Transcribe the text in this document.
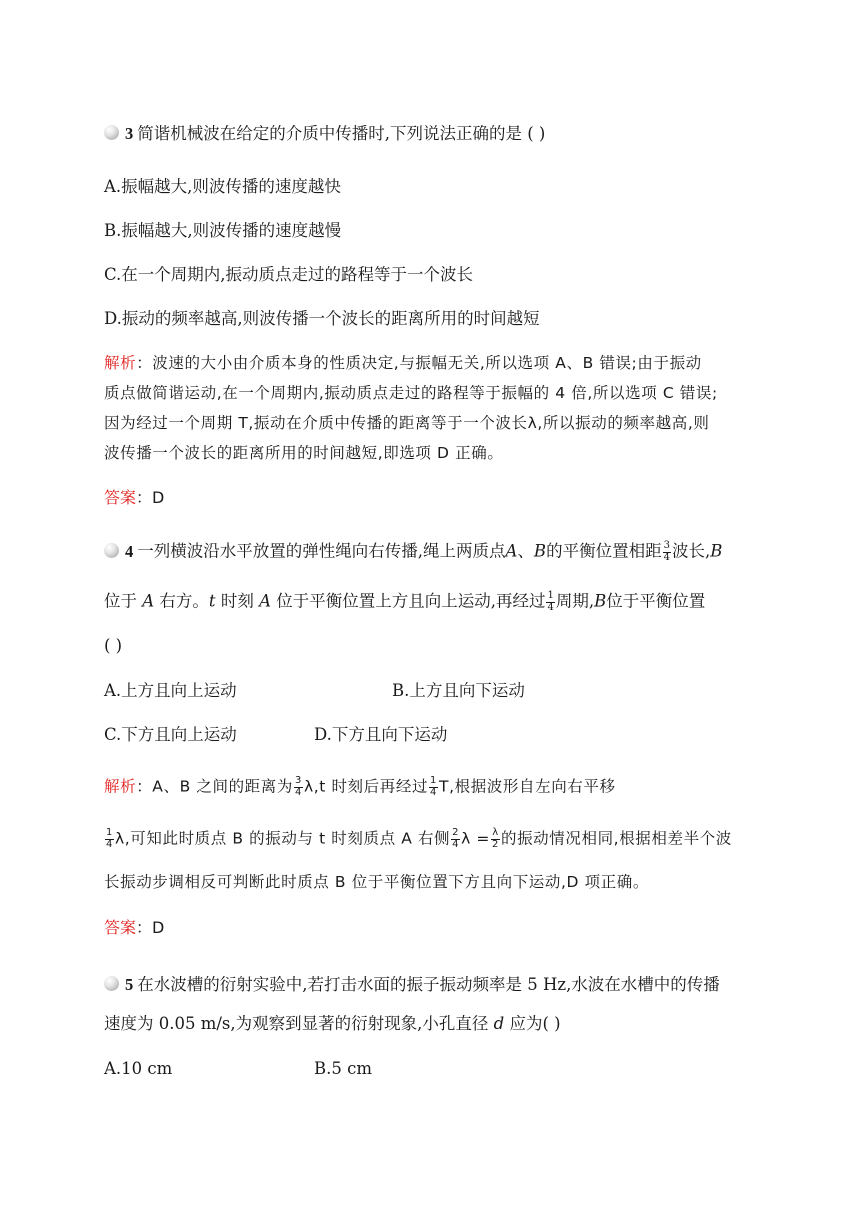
3 简谐机械波在给定的介质中传播时,下列说法正确的是 ( )
A.振幅越大,则波传播的速度越快
B.振幅越大,则波传播的速度越慢
C.在一个周期内,振动质点走过的路程等于一个波长
D.振动的频率越高,则波传播一个波长的距离所用的时间越短
解析：波速的大小由介质本身的性质决定,与振幅无关,所以选项 A、B 错误;由于振动
质点做简谐运动,在一个周期内,振动质点走过的路程等于振幅的 4 倍,所以选项 C 错误;
因为经过一个周期 T,振动在介质中传播的距离等于一个波长λ,所以振动的频率越高,则
波传播一个波长的距离所用的时间越短,即选项 D 正确。
答案：D
4 一列横波沿水平放置的弹性绳向右传播,绳上两质点A、B的平衡位置相距 $\frac{3}{4}$ 波长,B
位于 A 右方。t 时刻 A 位于平衡位置上方且向上运动,再经过 $\frac{1}{4}$ 周期,B位于平衡位置
( )
A.上方且向上运动	B.上方且向下运动
C.下方且向上运动	D.下方且向下运动
解析：A、B 之间的距离为 $\frac{3}{4} \lambda,t$ 时刻后再经过 $\frac{1}{4} T$,根据波形自左向右平移
$\frac{1}{4} \lambda$,可知此时质点 B 的振动与 t 时刻质点 A 右侧 $\frac{2}{4}$ $\lambda = \frac{\lambda}{2}$ 的振动情况相同,根据相差半个波
长振动步调相反可判断此时质点 B 位于平衡位置下方且向下运动,D 项正确。
答案：D
5 在水波槽的衍射实验中,若打击水面的振子振动频率是 5 Hz,水波在水槽中的传播
速度为 0.05 m/s,为观察到显著的衍射现象,小孔直径 d 应为( )
A.10 cm	B.5 cm
